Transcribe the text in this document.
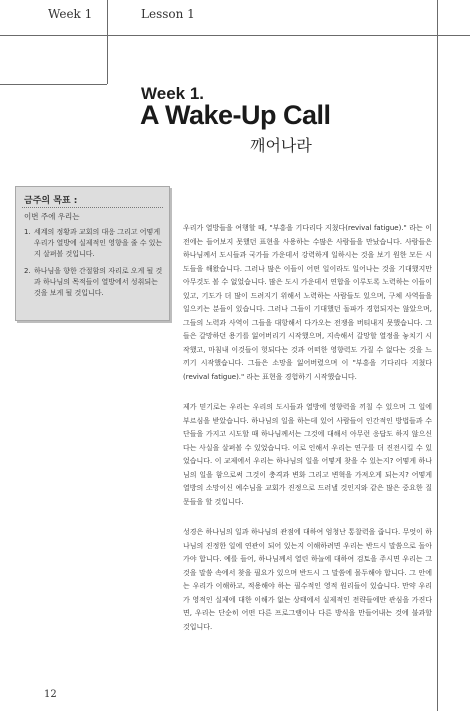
Week 1	Lesson 1
Week 1.
A Wake-Up Call
깨어나라
금주의 목표 :
이번 주에 우리는
1. 세계의 정황과 교회의 대응 그리고 어떻게 우리가 열방에 실제적인 영향을 줄 수 있는지 살펴볼 것입니다.
2. 하나님을 향한 간절함의 자리로 오게 될 것과 하나님의 목적들이 열방에서 성취되는 것을 보게 될 것입니다.

우리가 열방들을 여행할 때, "부흥을 기다리다 지쳤다(revival fatigue)." 라는 이전에는 들어보지 못했던 표현을 사용하는 수많은 사람들을 만났습니다. 사람들은 하나님께서 도시들과 국가들 가운데서 강력하게 일하시는 것을 보기 원한 모든 시도들을 해왔습니다. 그러나 많은 이들이 어떤 일이라도 일어나는 것을 기대했지만 아무것도 볼 수 없었습니다. 많은 도시 가운데서 연합을 이루도록 노력하는 이들이 있고, 기도가 더 많이 드려지기 위해서 노력하는 사람들도 있으며, 구체 사역들을 일으키는 분들이 있습니다. 그러나 그들이 기대했던 돌파가 경험되지는 않았으며, 그들의 노력과 사역이 그들을 대항해서 다가오는 전쟁을 버티내지 못했습니다. 그들은 갈망하던 용기를 잃어버리기 시작했으며, 지속해서 갈망할 열정을 놓치기 시작했고, 마침내 이것들이 헛되다는 것과 어떠한 영향력도 가질 수 없다는 것을 느끼기 시작했습니다. 그들은 소망을 잃어버렸으며 이 "부흥을 기다리다 지쳤다(revival fatigue)." 라는 표현을 경험하기 시작했습니다.

제가 믿기로는 우리는 우리의 도시들과 열방에 영향력을 끼칠 수 있으며 그 일에 부르심을 받았습니다. 하나님의 일을 하는데 있어 사람들이 인간적인 방법들과 수단들을 가지고 시도할 때 하나님께서는 그것에 대해서 아무런 응답도 하지 않으신다는 사실을 살펴볼 수 있었습니다. 이로 인해서 우리는 연구를 더 진전시킬 수 있었습니다. 이 교제에서 우리는 하나님의 일을 어떻게 찾을 수 있는지? 어떻게 하나님의 일을 함으로써 그것이 충격과 변화 그리고 변혁을 가져오게 되는지? 어떻게 열방의 소망이신 예수님을 교회가 진정으로 드러낼 것인지와 같은 많은 중요한 질문들을 할 것입니다.

성경은 하나님의 일과 하나님의 관점에 대하여 엄청난 통찰력을 줍니다. 무엇이 하나님의 진정한 일에 연관이 되어 있는지 이해하려면 우리는 반드시 말씀으로 돌아가야 합니다. 예를 들어, 하나님께서 열린 하늘에 대하여 검토을 주시면 우리는 그것을 말씀 속에서 찾을 필요가 있으며 반드시 그 말씀에 몰두해야 합니다. 그 안에는 우리가 이해하고, 적용해야 하는 필수적인 영적 원리들이 있습니다. 만약 우리가 영적인 실제에 대한 이해가 없는 상태에서 실제적인 전략들에만 관심을 가진다면, 우리는 단순히 어떤 다른 프로그램이나 다른 방식을 만들어내는 것에 불과할 것입니다.

12
